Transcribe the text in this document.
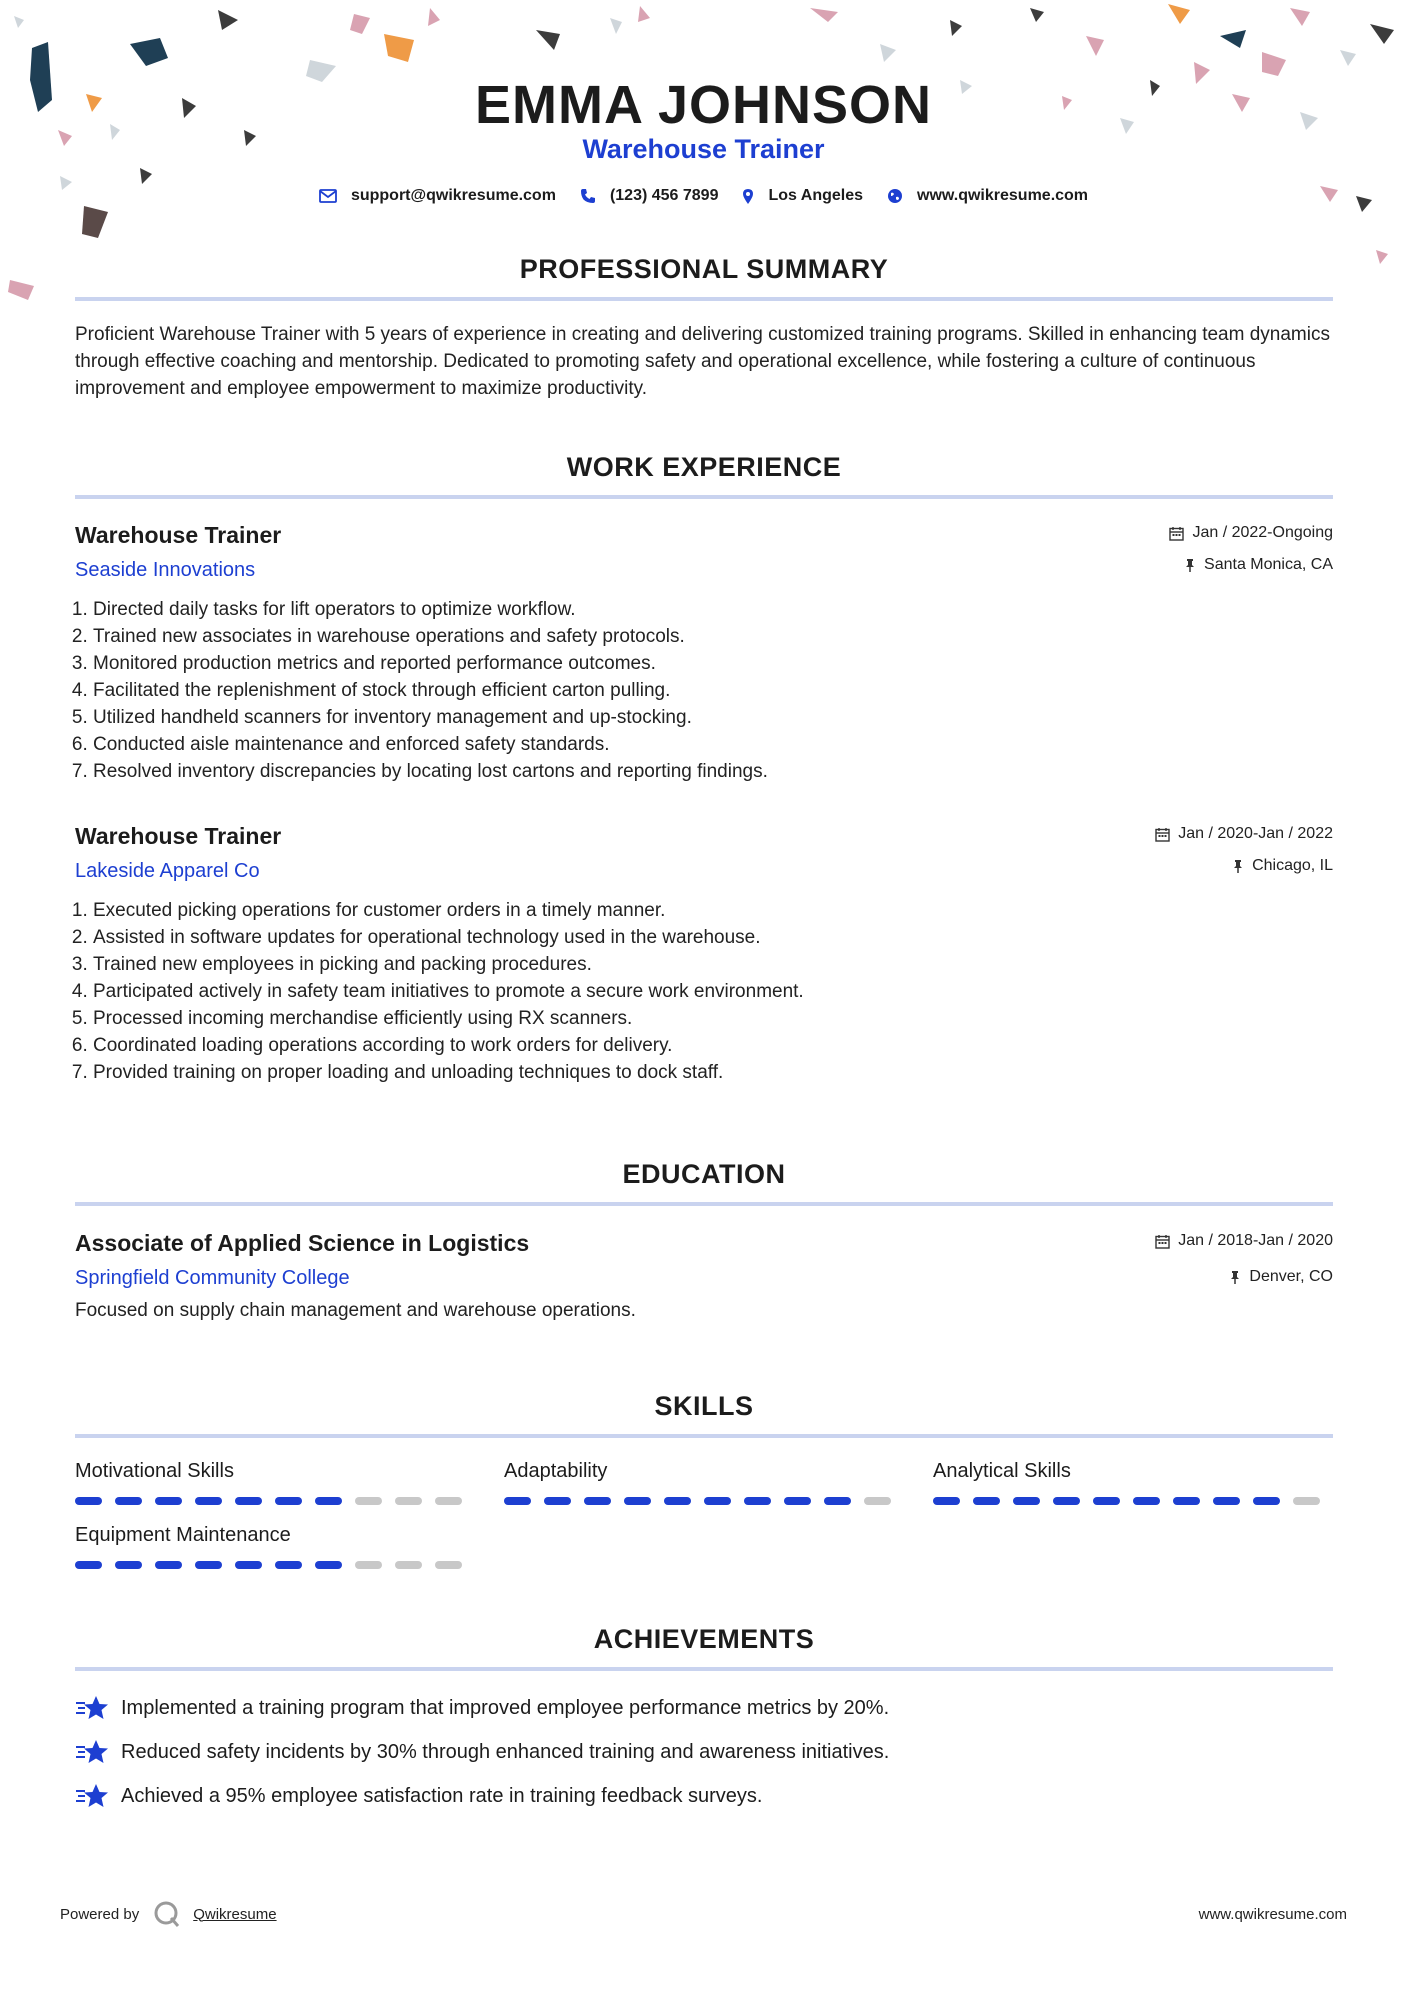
EMMA JOHNSON
Warehouse Trainer
support@qwikresume.com	(123) 456 7899	Los Angeles	www.qwikresume.com
PROFESSIONAL SUMMARY
Proficient Warehouse Trainer with 5 years of experience in creating and delivering customized training programs. Skilled in enhancing team dynamics through effective coaching and mentorship. Dedicated to promoting safety and operational excellence, while fostering a culture of continuous improvement and employee empowerment to maximize productivity.
WORK EXPERIENCE
Warehouse Trainer
Seaside Innovations
Jan / 2022-Ongoing
Santa Monica, CA
1. Directed daily tasks for lift operators to optimize workflow.
2. Trained new associates in warehouse operations and safety protocols.
3. Monitored production metrics and reported performance outcomes.
4. Facilitated the replenishment of stock through efficient carton pulling.
5. Utilized handheld scanners for inventory management and up-stocking.
6. Conducted aisle maintenance and enforced safety standards.
7. Resolved inventory discrepancies by locating lost cartons and reporting findings.
Warehouse Trainer
Lakeside Apparel Co
Jan / 2020-Jan / 2022
Chicago, IL
1. Executed picking operations for customer orders in a timely manner.
2. Assisted in software updates for operational technology used in the warehouse.
3. Trained new employees in picking and packing procedures.
4. Participated actively in safety team initiatives to promote a secure work environment.
5. Processed incoming merchandise efficiently using RX scanners.
6. Coordinated loading operations according to work orders for delivery.
7. Provided training on proper loading and unloading techniques to dock staff.
EDUCATION
Associate of Applied Science in Logistics
Springfield Community College
Jan / 2018-Jan / 2020
Denver, CO
Focused on supply chain management and warehouse operations.
SKILLS
Motivational Skills	Adaptability	Analytical Skills
Equipment Maintenance
ACHIEVEMENTS
Implemented a training program that improved employee performance metrics by 20%.
Reduced safety incidents by 30% through enhanced training and awareness initiatives.
Achieved a 95% employee satisfaction rate in training feedback surveys.
Powered by	Qwikresume	www.qwikresume.com
